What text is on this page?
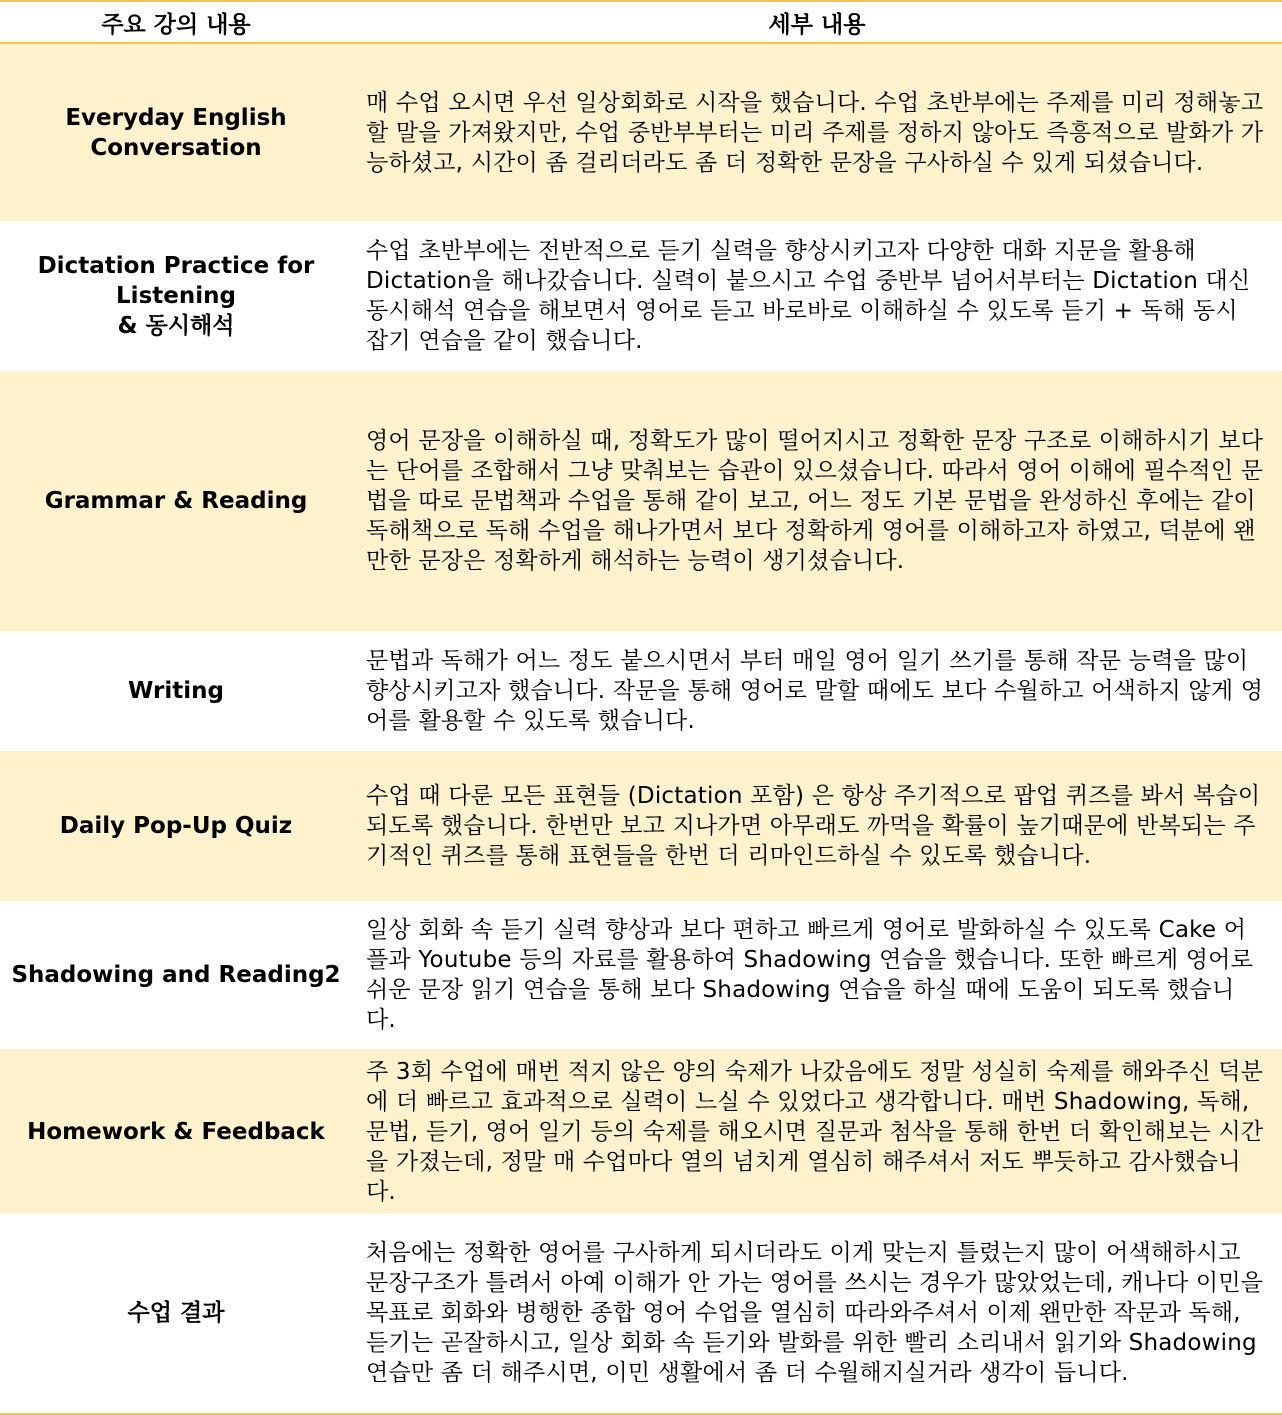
주요 강의 내용	세부 내용
Everyday English
Conversation
매 수업 오시면 우선 일상회화로 시작을 했습니다. 수업 초반부에는 주제를 미리 정해놓고 할 말을 가져왔지만, 수업 중반부부터는 미리 주제를 정하지 않아도 즉흥적으로 발화가 가능하셨고, 시간이 좀 걸리더라도 좀 더 정확한 문장을 구사하실 수 있게 되셨습니다.
Dictation Practice for
Listening
& 동시해석
수업 초반부에는 전반적으로 듣기 실력을 향상시키고자 다양한 대화 지문을 활용해 Dictation을 해나갔습니다. 실력이 붙으시고 수업 중반부 넘어서부터는 Dictation 대신 동시해석 연습을 해보면서 영어로 듣고 바로바로 이해하실 수 있도록 듣기 + 독해 동시 잡기 연습을 같이 했습니다.
Grammar & Reading
영어 문장을 이해하실 때, 정확도가 많이 떨어지시고 정확한 문장 구조로 이해하시기 보다는 단어를 조합해서 그냥 맞춰보는 습관이 있으셨습니다. 따라서 영어 이해에 필수적인 문법을 따로 문법책과 수업을 통해 같이 보고, 어느 정도 기본 문법을 완성하신 후에는 같이 독해책으로 독해 수업을 해나가면서 보다 정확하게 영어를 이해하고자 하였고, 덕분에 왠만한 문장은 정확하게 해석하는 능력이 생기셨습니다.
Writing
문법과 독해가 어느 정도 붙으시면서 부터 매일 영어 일기 쓰기를 통해 작문 능력을 많이 향상시키고자 했습니다. 작문을 통해 영어로 말할 때에도 보다 수월하고 어색하지 않게 영어를 활용할 수 있도록 했습니다.
Daily Pop-Up Quiz
수업 때 다룬 모든 표현들 (Dictation 포함) 은 항상 주기적으로 팝업 퀴즈를 봐서 복습이 되도록 했습니다. 한번만 보고 지나가면 아무래도 까먹을 확률이 높기때문에 반복되는 주기적인 퀴즈를 통해 표현들을 한번 더 리마인드하실 수 있도록 했습니다.
Shadowing and Reading2
일상 회화 속 듣기 실력 향상과 보다 편하고 빠르게 영어로 발화하실 수 있도록 Cake 어플과 Youtube 등의 자료를 활용하여 Shadowing 연습을 했습니다. 또한 빠르게 영어로 쉬운 문장 읽기 연습을 통해 보다 Shadowing 연습을 하실 때에 도움이 되도록 했습니다.
Homework & Feedback
주 3회 수업에 매번 적지 않은 양의 숙제가 나갔음에도 정말 성실히 숙제를 해와주신 덕분에 더 빠르고 효과적으로 실력이 느실 수 있었다고 생각합니다. 매번 Shadowing, 독해, 문법, 듣기, 영어 일기 등의 숙제를 해오시면 질문과 첨삭을 통해 한번 더 확인해보는 시간을 가졌는데, 정말 매 수업마다 열의 넘치게 열심히 해주셔서 저도 뿌듯하고 감사했습니다.
수업 결과
처음에는 정확한 영어를 구사하게 되시더라도 이게 맞는지 틀렸는지 많이 어색해하시고 문장구조가 틀려서 아예 이해가 안 가는 영어를 쓰시는 경우가 많았었는데, 캐나다 이민을 목표로 회화와 병행한 종합 영어 수업을 열심히 따라와주셔서 이제 왠만한 작문과 독해, 듣기는 곧잘하시고, 일상 회화 속 듣기와 발화를 위한 빨리 소리내서 읽기와 Shadowing 연습만 좀 더 해주시면, 이민 생활에서 좀 더 수월해지실거라 생각이 듭니다.
